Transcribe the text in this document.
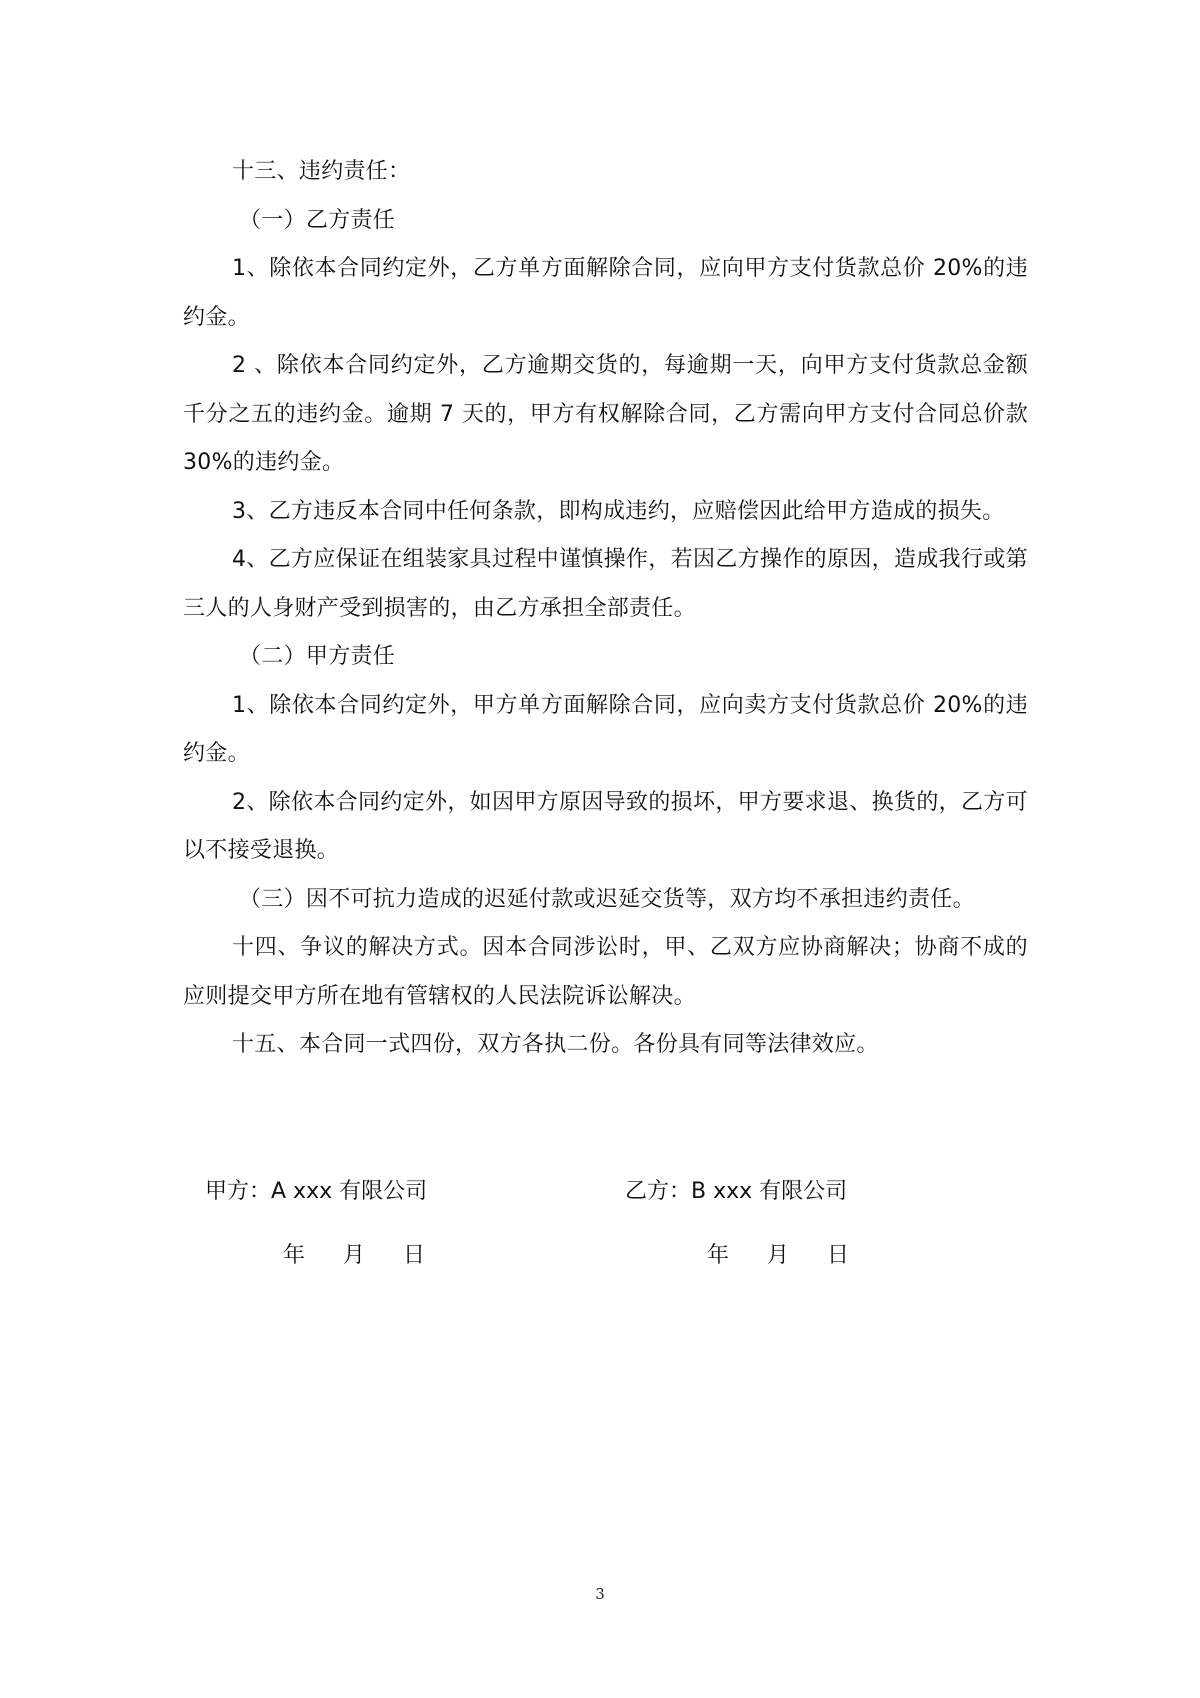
十三、违约责任：

（一）乙方责任

1、除依本合同约定外，乙方单方面解除合同，应向甲方支付货款总价 20%的违约金。

2 、除依本合同约定外，乙方逾期交货的，每逾期一天，向甲方支付货款总金额千分之五的违约金。逾期 7 天的，甲方有权解除合同，乙方需向甲方支付合同总价款 30%的违约金。

3、乙方违反本合同中任何条款，即构成违约，应赔偿因此给甲方造成的损失。

4、乙方应保证在组装家具过程中谨慎操作，若因乙方操作的原因，造成我行或第三人的人身财产受到损害的，由乙方承担全部责任。

（二）甲方责任

1、除依本合同约定外，甲方单方面解除合同，应向卖方支付货款总价 20%的违约金。

2、除依本合同约定外，如因甲方原因导致的损坏，甲方要求退、换货的，乙方可以不接受退换。

（三）因不可抗力造成的迟延付款或迟延交货等，双方均不承担违约责任。

十四、争议的解决方式。因本合同涉讼时，甲、乙双方应协商解决；协商不成的应则提交甲方所在地有管辖权的人民法院诉讼解决。

十五、本合同一式四份，双方各执二份。各份具有同等法律效应。

甲方：A xxx 有限公司	乙方：B xxx 有限公司
年 月 日	年 月 日
3
